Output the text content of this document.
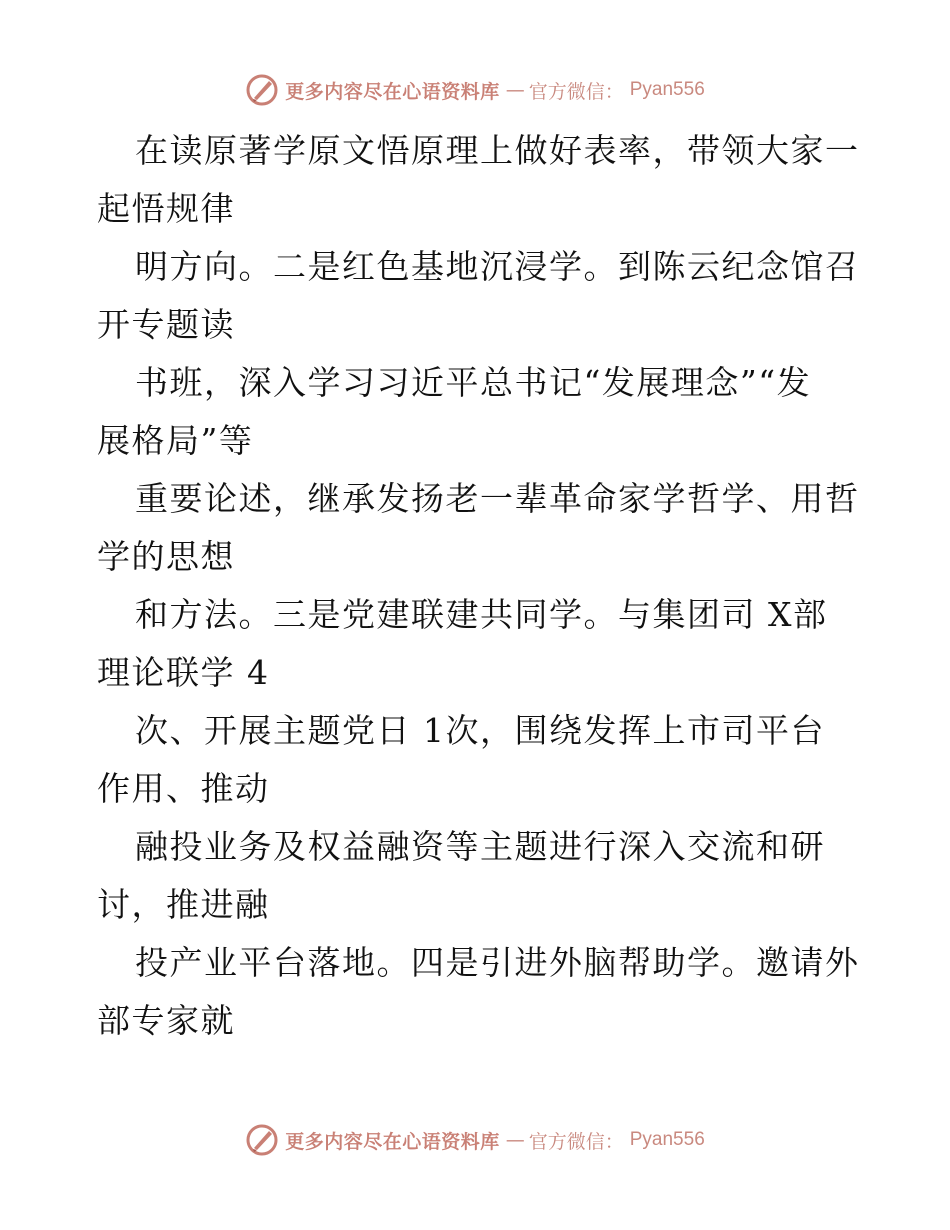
更多内容尽在心语资料库 — 官方微信： Pyan556
在读原著学原文悟原理上做好表率，带领大家一
起悟规律
明方向。二是红色基地沉浸学。到陈云纪念馆召
开专题读
书班，深入学习习近平总书记“发展理念”“发
展格局”等
重要论述，继承发扬老一辈革命家学哲学、用哲
学的思想
和方法。三是党建联建共同学。与集团司 X部
理论联学 4
次、开展主题党日 1次，围绕发挥上市司平台
作用、推动
融投业务及权益融资等主题进行深入交流和研
讨，推进融
投产业平台落地。四是引进外脑帮助学。邀请外
部专家就
更多内容尽在心语资料库 — 官方微信： Pyan556
